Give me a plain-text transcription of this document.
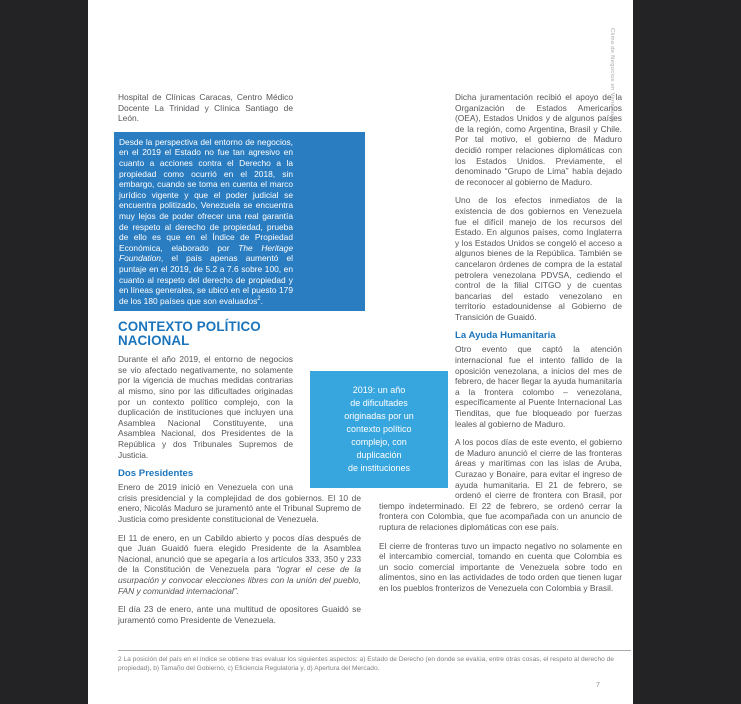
Hospital de Clínicas Caracas, Centro Médico Docente La Trinidad y Clínica Santiago de León.

Desde la perspectiva del entorno de negocios, en el 2019 el Estado no fue tan agresivo en cuanto a acciones contra el Derecho a la propiedad como ocurrió en el 2018, sin embargo, cuando se toma en cuenta el marco jurídico vigente y que el poder judicial se encuentra politizado, Venezuela se encuentra muy lejos de poder ofrecer una real garantía de respeto al derecho de propiedad, prueba de ello es que en el Índice de Propiedad Económica, elaborado por The Heritage Foundation, el país apenas aumentó el puntaje en el 2019, de 5.2 a 7.6 sobre 100, en cuanto al respeto del derecho de propiedad y en líneas generales, se ubicó en el puesto 179 de los 180 países que son evaluados$^2$.
CONTEXTO POLÍTICO NACIONAL

Durante el año 2019, el entorno de negocios se vio afectado negativamente, no solamente por la vigencia de muchas medidas contrarias al mismo, sino por las dificultades originadas por un contexto político complejo, con la duplicación de instituciones que incluyen una Asamblea Nacional Constituyente, una Asamblea Nacional, dos Presidentes de la República y dos Tribunales Supremos de Justicia.

Dos Presidentes

Enero de 2019 inició en Venezuela con una crisis presidencial y la complejidad de dos gobiernos. El 10 de enero, Nicolás Maduro se juramentó ante el Tribunal Supremo de Justicia como presidente constitucional de Venezuela.

El 11 de enero, en un Cabildo abierto y pocos días después de que Juan Guaidó fuera elegido Presidente de la Asamblea Nacional, anunció que se apegaría a los artículos 333, 350 y 233 de la Constitución de Venezuela para “lograr el cese de la usurpación y convocar elecciones libres con la unión del pueblo, FAN y comunidad internacional”.

El día 23 de enero, ante una multitud de opositores Guaidó se juramentó como Presidente de Venezuela.

Dicha juramentación recibió el apoyo de la Organización de Estados Americanos (OEA), Estados Unidos y de algunos países de la región, como Argentina, Brasil y Chile. Por tal motivo, el gobierno de Maduro decidió romper relaciones diplomáticas con los Estados Unidos. Previamente, el denominado “Grupo de Lima” había dejado de reconocer al gobierno de Maduro.

Uno de los efectos inmediatos de la existencia de dos gobiernos en Venezuela fue el difícil manejo de los recursos del Estado. En algunos países, como Inglaterra y los Estados Unidos se congeló el acceso a algunos bienes de la República. También se cancelaron órdenes de compra de la estatal petrolera venezolana PDVSA, cediendo el control de la filial CITGO y de cuentas bancarias del estado venezolano en territorio estadounidense al Gobierno de Transición de Guaidó.

La Ayuda Humanitaria

Otro evento que captó la atención internacional fue el intento fallido de la oposición venezolana, a inicios del mes de febrero, de hacer llegar la ayuda humanitaria a la frontera colombo – venezolana, específicamente al Puente Internacional Las Tienditas, que fue bloqueado por fuerzas leales al gobierno de Maduro.

A los pocos días de este evento, el gobierno de Maduro anunció el cierre de las fronteras áreas y marítimas con las islas de Aruba, Curazao y Bonaire, para evitar el ingreso de ayuda humanitaria. El 21 de febrero, se ordenó el cierre de frontera con Brasil, por tiempo indeterminado. El 22 de febrero, se ordenó cerrar la frontera con Colombia, que fue acompañada con un anuncio de ruptura de relaciones diplomáticas con ese país.

El cierre de fronteras tuvo un impacto negativo no solamente en el intercambio comercial, tomando en cuenta que Colombia es un socio comercial importante de Venezuela sobre todo en alimentos, sino en las actividades de todo orden que tienen lugar en los pueblos fronterizos de Venezuela con Colombia y Brasil.

2019: un año
de dificultades
originadas por un
contexto político
complejo, con
duplicación
de instituciones
2 La posición del país en el índice se obtiene tras evaluar los siguientes aspectos: a) Estado de Derecho (en donde se evalúa, entre otras cosas, el respeto al derecho de propiedad), b) Tamaño del Gobierno, c) Eficiencia Regulatoria y, d) Apertura del Mercado.
7
Clima de Negocios en Venezuela
